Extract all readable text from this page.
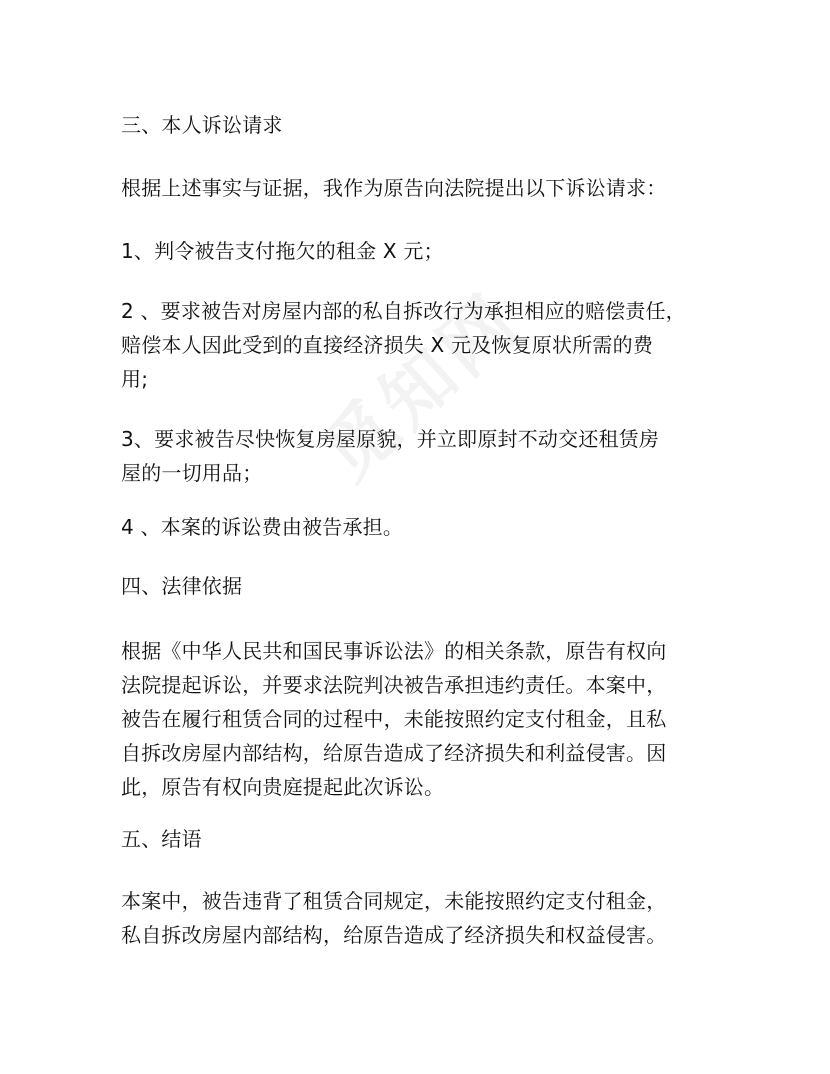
三、本人诉讼请求

根据上述事实与证据，我作为原告向法院提出以下诉讼请求：

1、判令被告支付拖欠的租金 X 元；

2 、要求被告对房屋内部的私自拆改行为承担相应的赔偿责任，
赔偿本人因此受到的直接经济损失 X 元及恢复原状所需的费
用;

3、要求被告尽快恢复房屋原貌，并立即原封不动交还租赁房
屋的一切用品；

4 、本案的诉讼费由被告承担。

四、法律依据

根据《中华人民共和国民事诉讼法》的相关条款，原告有权向
法院提起诉讼，并要求法院判决被告承担违约责任。本案中，
被告在履行租赁合同的过程中，未能按照约定支付租金，且私
自拆改房屋内部结构，给原告造成了经济损失和利益侵害。因
此，原告有权向贵庭提起此次诉讼。

五、结语

本案中，被告违背了租赁合同规定，未能按照约定支付租金，
私自拆改房屋内部结构，给原告造成了经济损失和权益侵害。
